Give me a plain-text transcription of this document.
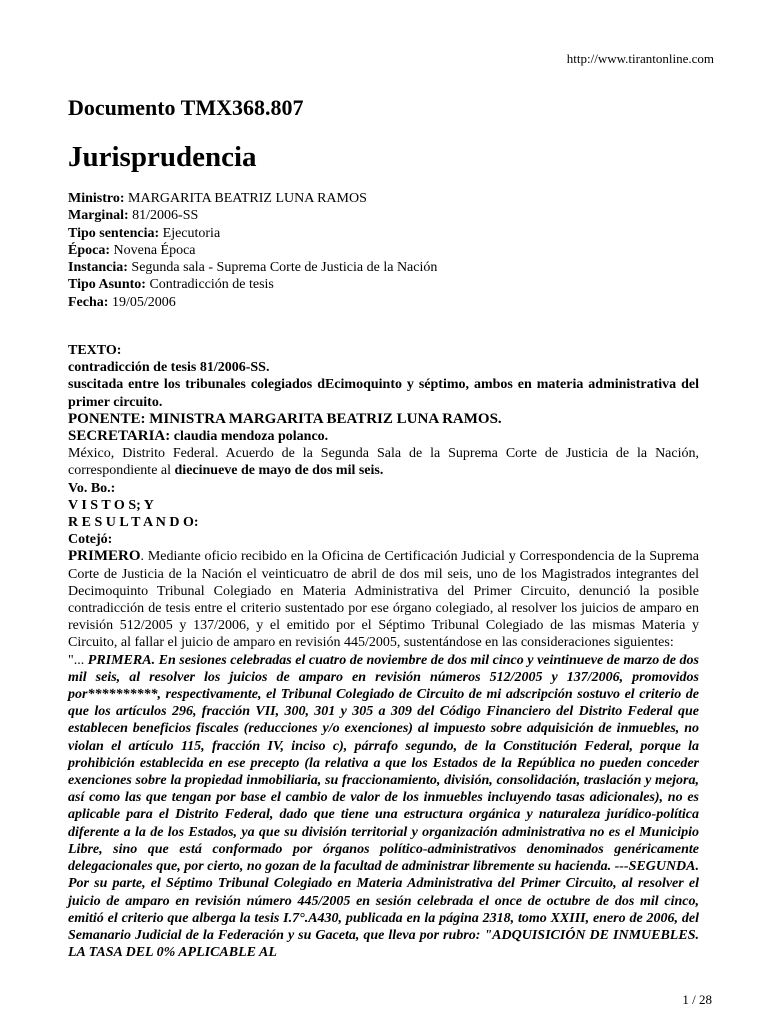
http://www.tirantonline.com
Documento TMX368.807
Jurisprudencia
Ministro: MARGARITA BEATRIZ LUNA RAMOS
Marginal: 81/2006-SS
Tipo sentencia: Ejecutoria
Época: Novena Época
Instancia: Segunda sala - Suprema Corte de Justicia de la Nación
Tipo Asunto: Contradicción de tesis
Fecha: 19/05/2006

TEXTO:

contradicción de tesis 81/2006-SS.

suscitada entre los tribunales colegiados dEcimoquinto y séptimo, ambos en materia administrativa del primer circuito.

PONENTE: MINISTRA MARGARITA BEATRIZ LUNA RAMOS.

SECRETARIA: claudia mendoza polanco.

México, Distrito Federal. Acuerdo de la Segunda Sala de la Suprema Corte de Justicia de la Nación, correspondiente al diecinueve de mayo de dos mil seis.

Vo. Bo.:

V I S T O S; Y

R E S U L T A N D O:

Cotejó:

PRIMERO. Mediante oficio recibido en la Oficina de Certificación Judicial y Correspondencia de la Suprema Corte de Justicia de la Nación el veinticuatro de abril de dos mil seis, uno de los Magistrados integrantes del Decimoquinto Tribunal Colegiado en Materia Administrativa del Primer Circuito, denunció la posible contradicción de tesis entre el criterio sustentado por ese órgano colegiado, al resolver los juicios de amparo en revisión 512/2005 y 137/2006, y el emitido por el Séptimo Tribunal Colegiado de las mismas Materia y Circuito, al fallar el juicio de amparo en revisión 445/2005, sustentándose en las consideraciones siguientes:

"... PRIMERA. En sesiones celebradas el cuatro de noviembre de dos mil cinco y veintinueve de marzo de dos mil seis, al resolver los juicios de amparo en revisión números 512/2005 y 137/2006, promovidos por**********, respectivamente, el Tribunal Colegiado de Circuito de mi adscripción sostuvo el criterio de que los artículos 296, fracción VII, 300, 301 y 305 a 309 del Código Financiero del Distrito Federal que establecen beneficios fiscales (reducciones y/o exenciones) al impuesto sobre adquisición de inmuebles, no violan el artículo 115, fracción IV, inciso c), párrafo segundo, de la Constitución Federal, porque la prohibición establecida en ese precepto (la relativa a que los Estados de la República no pueden conceder exenciones sobre la propiedad inmobiliaria, su fraccionamiento, división, consolidación, traslación y mejora, así como las que tengan por base el cambio de valor de los inmuebles incluyendo tasas adicionales), no es aplicable para el Distrito Federal, dado que tiene una estructura orgánica y naturaleza jurídico-política diferente a la de los Estados, ya que su división territorial y organización administrativa no es el Municipio Libre, sino que está conformado por órganos político-administrativos denominados genéricamente delegacionales que, por cierto, no gozan de la facultad de administrar libremente su hacienda. ---SEGUNDA. Por su parte, el Séptimo Tribunal Colegiado en Materia Administrativa del Primer Circuito, al resolver el juicio de amparo en revisión número 445/2005 en sesión celebrada el once de octubre de dos mil cinco, emitió el criterio que alberga la tesis I.7°.A430, publicada en la página 2318, tomo XXIII, enero de 2006, del Semanario Judicial de la Federación y su Gaceta, que lleva por rubro: "ADQUISICIÓN DE INMUEBLES. LA TASA DEL 0% APLICABLE AL

1 / 28
